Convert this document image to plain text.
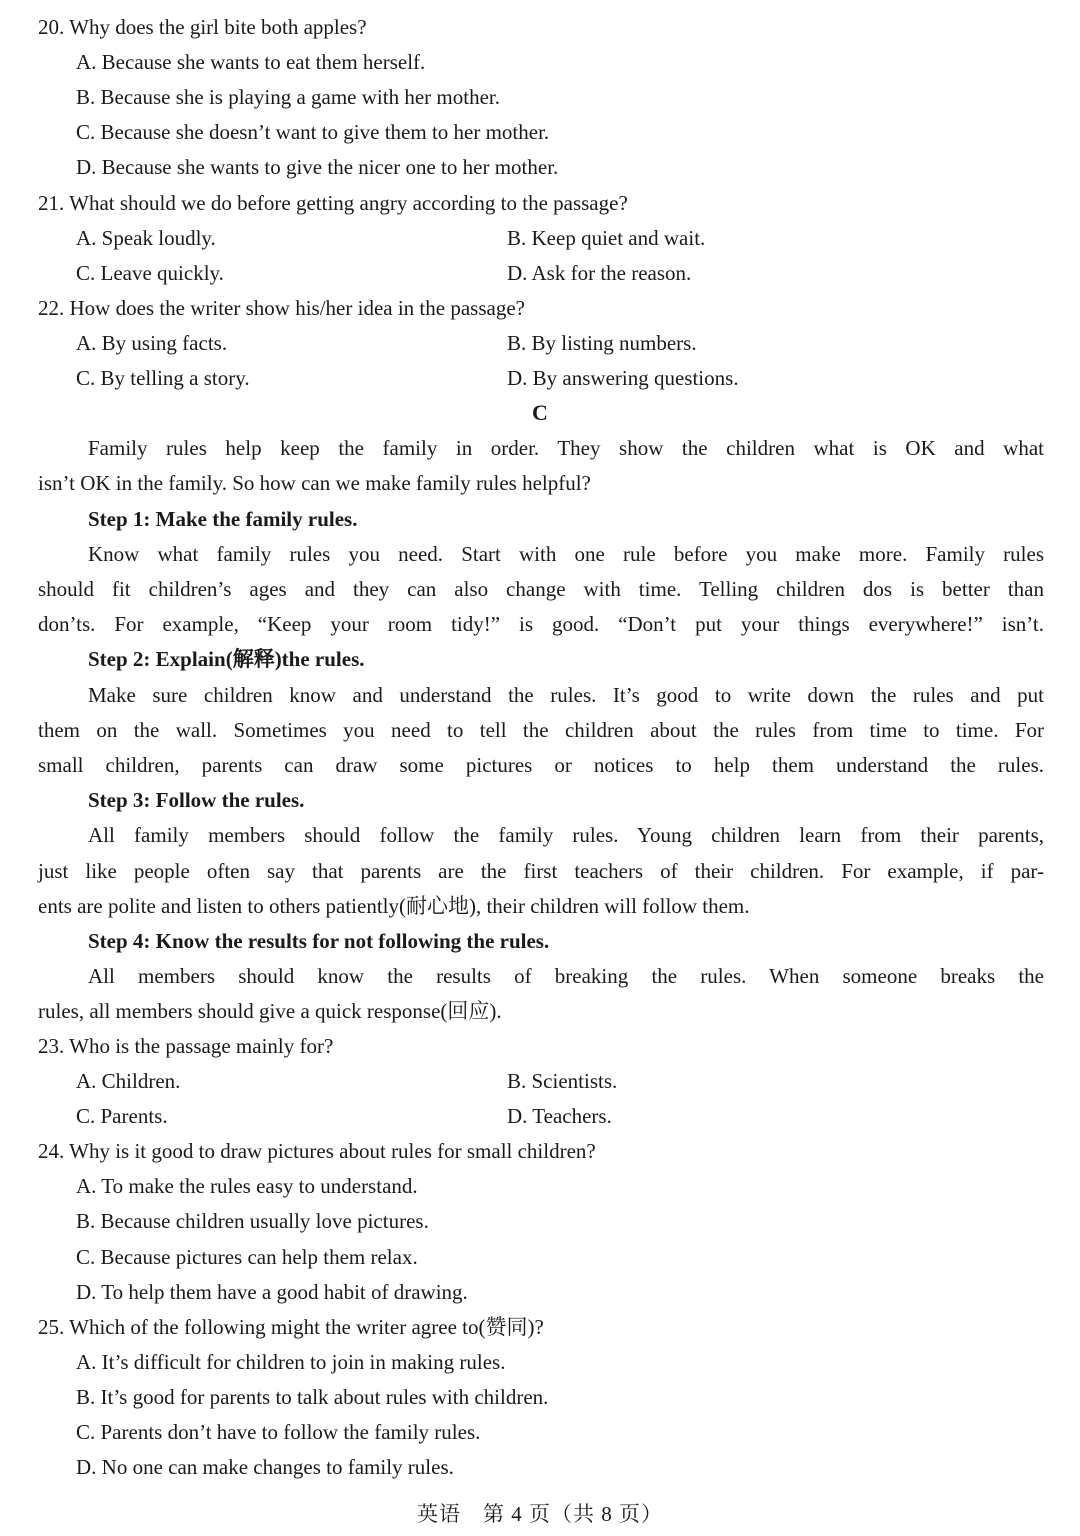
20. Why does the girl bite both apples?
A. Because she wants to eat them herself.
B. Because she is playing a game with her mother.
C. Because she doesn’t want to give them to her mother.
D. Because she wants to give the nicer one to her mother.
21. What should we do before getting angry according to the passage?
A. Speak loudly.	B. Keep quiet and wait.
C. Leave quickly.	D. Ask for the reason.
22. How does the writer show his/her idea in the passage?
A. By using facts.	B. By listing numbers.
C. By telling a story.	D. By answering questions.
C
Family rules help keep the family in order. They show the children what is OK and what
isn’t OK in the family. So how can we make family rules helpful?
Step 1: Make the family rules.
Know what family rules you need. Start with one rule before you make more. Family rules
should fit children’s ages and they can also change with time. Telling children dos is better than
don’ts. For example, “Keep your room tidy!” is good. “Don’t put your things everywhere!” isn’t.
Step 2: Explain(解释)the rules.
Make sure children know and understand the rules. It’s good to write down the rules and put
them on the wall. Sometimes you need to tell the children about the rules from time to time. For
small children, parents can draw some pictures or notices to help them understand the rules.
Step 3: Follow the rules.
All family members should follow the family rules. Young children learn from their parents,
just like people often say that parents are the first teachers of their children. For example, if par-
ents are polite and listen to others patiently(耐心地), their children will follow them.
Step 4: Know the results for not following the rules.
All members should know the results of breaking the rules. When someone breaks the
rules, all members should give a quick response(回应).
23. Who is the passage mainly for?
A. Children.	B. Scientists.
C. Parents.	D. Teachers.
24. Why is it good to draw pictures about rules for small children?
A. To make the rules easy to understand.
B. Because children usually love pictures.
C. Because pictures can help them relax.
D. To help them have a good habit of drawing.
25. Which of the following might the writer agree to(赞同)?
A. It’s difficult for children to join in making rules.
B. It’s good for parents to talk about rules with children.
C. Parents don’t have to follow the family rules.
D. No one can make changes to family rules.
英语　第 4 页（共 8 页）
